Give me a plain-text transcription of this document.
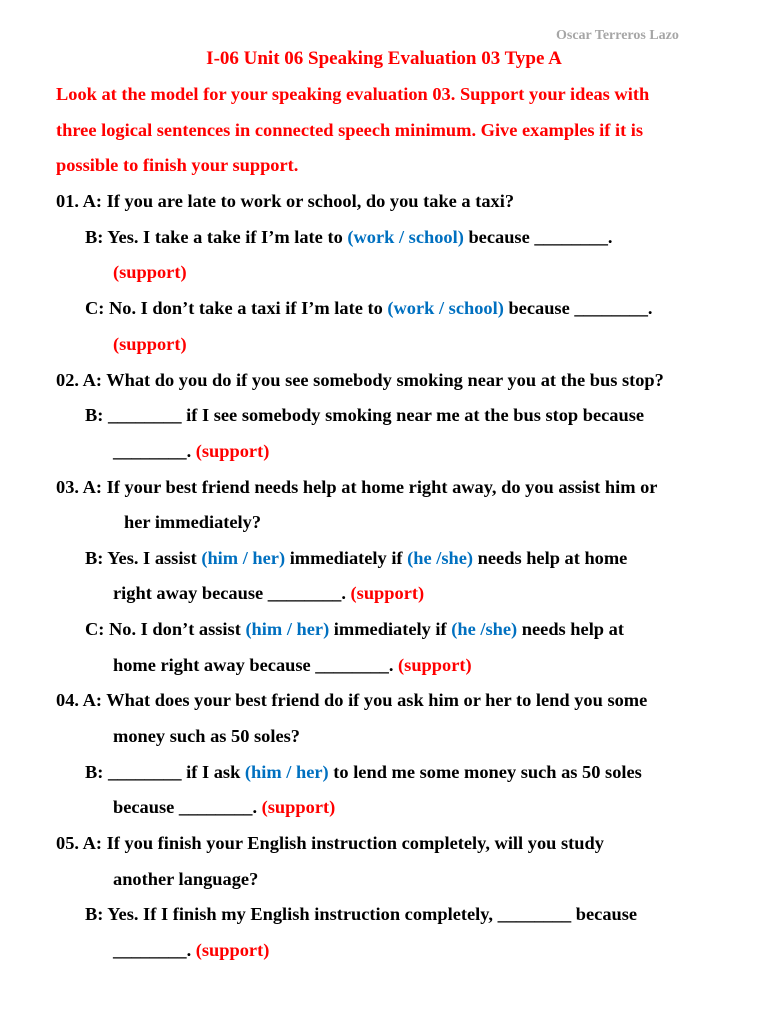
Oscar Terreros Lazo
I-06 Unit 06 Speaking Evaluation 03 Type A
Look at the model for your speaking evaluation 03. Support your ideas with
three logical sentences in connected speech minimum. Give examples if it is
possible to finish your support.
01. A: If you are late to work or school, do you take a taxi?
B: Yes. I take a take if I’m late to (work / school) because ________.
(support)
C: No. I don’t take a taxi if I’m late to (work / school) because ________.
(support)
02. A: What do you do if you see somebody smoking near you at the bus stop?
B: ________ if I see somebody smoking near me at the bus stop because
________. (support)
03. A: If your best friend needs help at home right away, do you assist him or
her immediately?
B: Yes. I assist (him / her) immediately if (he /she) needs help at home
right away because ________. (support)
C: No. I don’t assist (him / her) immediately if (he /she) needs help at
home right away because ________. (support)
04. A: What does your best friend do if you ask him or her to lend you some
money such as 50 soles?
B: ________ if I ask (him / her) to lend me some money such as 50 soles
because ________. (support)
05. A: If you finish your English instruction completely, will you study
another language?
B: Yes. If I finish my English instruction completely, ________ because
________. (support)
